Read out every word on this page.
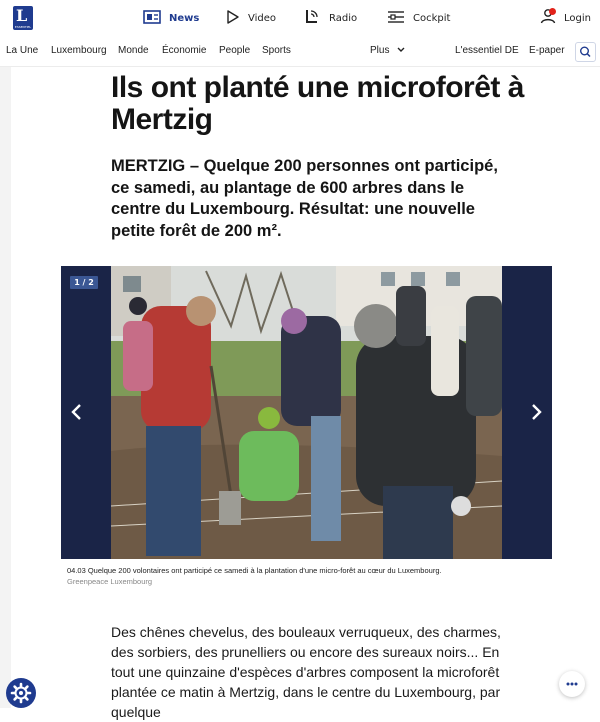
L
ESSENTIEL
News	Video	Radio	Cockpit	Login
La Une Luxembourg Monde Économie People Sports	Plus	L'essentiel DE E-paper
Ils ont planté une microforêt à Mertzig

MERTZIG – Quelque 200 personnes ont participé, ce samedi, au plantage de 600 arbres dans le centre du Luxembourg. Résultat: une nouvelle petite forêt de 200 m².

1 / 2
04.03 Quelque 200 volontaires ont participé ce samedi à la plantation d'une micro-forêt au cœur du Luxembourg.
Greenpeace Luxembourg

Des chênes chevelus, des bouleaux verruqueux, des charmes, des sorbiers, des prunelliers ou encore des sureaux noirs... En tout une quinzaine d'espèces d'arbres composent la microforêt plantée ce matin à Mertzig, dans le centre du Luxembourg, par quelque
